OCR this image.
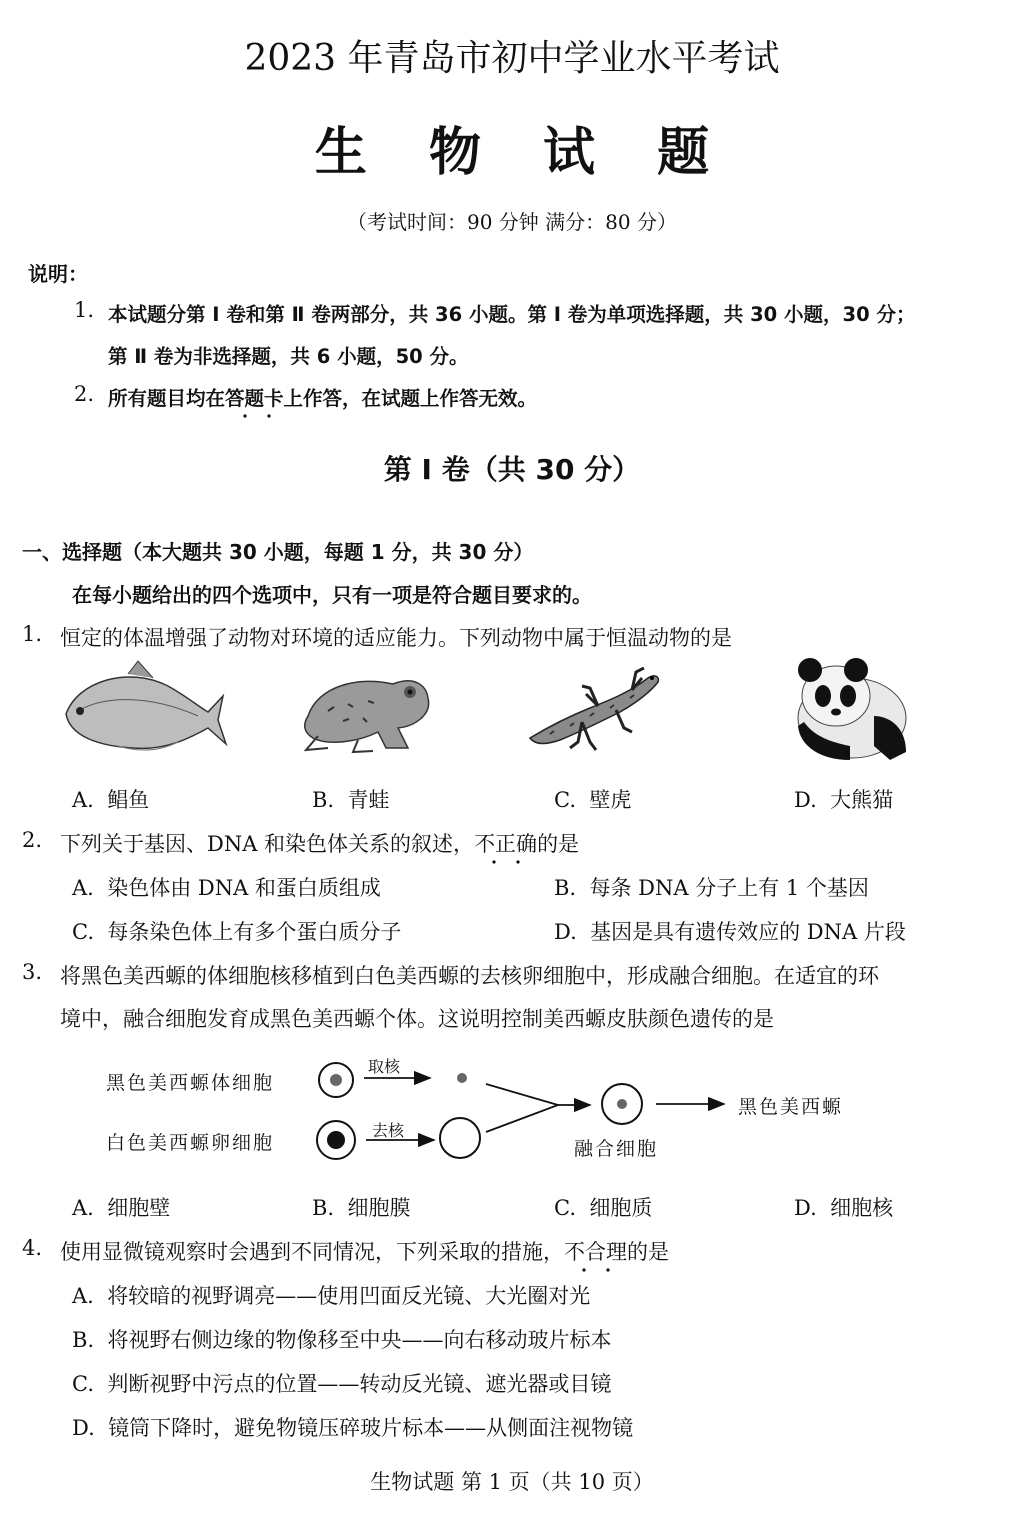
2023 年青岛市初中学业水平考试
生 物 试 题
（考试时间：90 分钟 满分：80 分）
说明：
1. 本试题分第 Ⅰ 卷和第 Ⅱ 卷两部分，共 36 小题。第 Ⅰ 卷为单项选择题，共 30 小题，30 分；
第 Ⅱ 卷为非选择题，共 6 小题，50 分。
2. 所有题目均在答题卡上作答，在试题上作答无效。
第 Ⅰ 卷（共 30 分）
一、选择题（本大题共 30 小题，每题 1 分，共 30 分）
在每小题给出的四个选项中，只有一项是符合题目要求的。
1. 恒定的体温增强了动物对环境的适应能力。下列动物中属于恒温动物的是
A. 鲳鱼	B. 青蛙	C. 壁虎	D. 大熊猫
2. 下列关于基因、DNA 和染色体关系的叙述，不正确的是
A. 染色体由 DNA 和蛋白质组成	B. 每条 DNA 分子上有 1 个基因
C. 每条染色体上有多个蛋白质分子	D. 基因是具有遗传效应的 DNA 片段
3. 将黑色美西螈的体细胞核移植到白色美西螈的去核卵细胞中，形成融合细胞。在适宜的环
境中，融合细胞发育成黑色美西螈个体。这说明控制美西螈皮肤颜色遗传的是
黑色美西螈体细胞
白色美西螈卵细胞
取核
去核
融合细胞
黑色美西螈
A. 细胞壁	B. 细胞膜	C. 细胞质	D. 细胞核
4. 使用显微镜观察时会遇到不同情况，下列采取的措施，不合理的是
A. 将较暗的视野调亮——使用凹面反光镜、大光圈对光
B. 将视野右侧边缘的物像移至中央——向右移动玻片标本
C. 判断视野中污点的位置——转动反光镜、遮光器或目镜
D. 镜筒下降时，避免物镜压碎玻片标本——从侧面注视物镜
生物试题 第 1 页（共 10 页）
